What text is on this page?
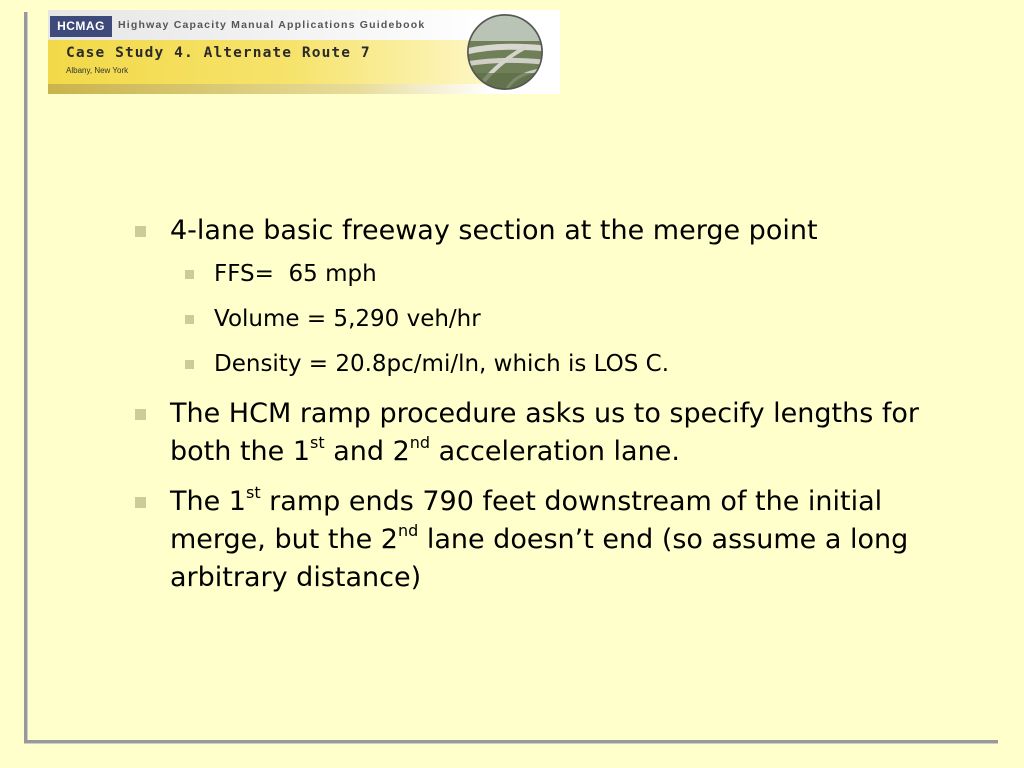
HCMAG	Highway Capacity Manual Applications Guidebook
Case Study 4. Alternate Route 7
Albany, New York
4-lane basic freeway section at the merge point
FFS=  65 mph
Volume = 5,290 veh/hr
Density = 20.8pc/mi/ln, which is LOS C.
The HCM ramp procedure asks us to specify lengths for both the 1st and 2nd acceleration lane.
The 1st ramp ends 790 feet downstream of the initial merge, but the 2nd lane doesn’t end (so assume a long arbitrary distance)
